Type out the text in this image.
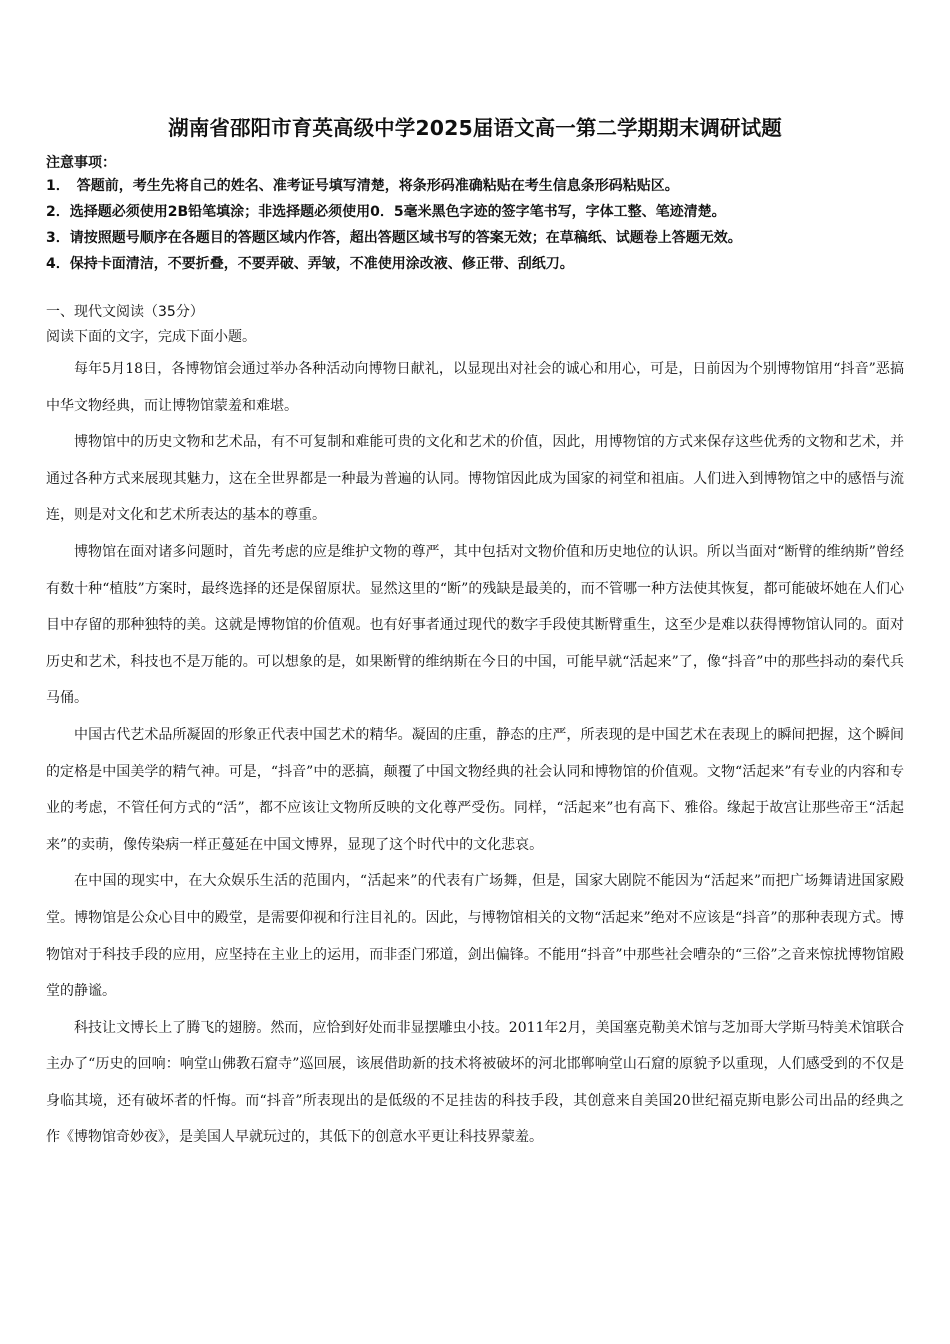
湖南省邵阳市育英高级中学2025届语文高一第二学期期末调研试题

注意事项：

1．　答题前，考生先将自己的姓名、准考证号填写清楚，将条形码准确粘贴在考生信息条形码粘贴区。
2．选择题必须使用2B铅笔填涂；非选择题必须使用0．5毫米黑色字迹的签字笔书写，字体工整、笔迹清楚。
3．请按照题号顺序在各题目的答题区域内作答，超出答题区域书写的答案无效；在草稿纸、试题卷上答题无效。
4．保持卡面清洁，不要折叠，不要弄破、弄皱，不准使用涂改液、修正带、刮纸刀。

一、现代文阅读（35分）

阅读下面的文字，完成下面小题。

每年5月18日，各博物馆会通过举办各种活动向博物日献礼，以显现出对社会的诚心和用心，可是，日前因为个别博物馆用“抖音”恶搞中华文物经典，而让博物馆蒙羞和难堪。

博物馆中的历史文物和艺术品，有不可复制和难能可贵的文化和艺术的价值，因此，用博物馆的方式来保存这些优秀的文物和艺术，并通过各种方式来展现其魅力，这在全世界都是一种最为普遍的认同。博物馆因此成为国家的祠堂和祖庙。人们进入到博物馆之中的感悟与流连，则是对文化和艺术所表达的基本的尊重。

博物馆在面对诸多问题时，首先考虑的应是维护文物的尊严，其中包括对文物价值和历史地位的认识。所以当面对“断臂的维纳斯”曾经有数十种“植肢”方案时，最终选择的还是保留原状。显然这里的“断”的残缺是最美的，而不管哪一种方法使其恢复，都可能破坏她在人们心目中存留的那种独特的美。这就是博物馆的价值观。也有好事者通过现代的数字手段使其断臂重生，这至少是难以获得博物馆认同的。面对历史和艺术，科技也不是万能的。可以想象的是，如果断臂的维纳斯在今日的中国，可能早就“活起来”了，像“抖音”中的那些抖动的秦代兵马俑。

中国古代艺术品所凝固的形象正代表中国艺术的精华。凝固的庄重，静态的庄严，所表现的是中国艺术在表现上的瞬间把握，这个瞬间的定格是中国美学的精气神。可是，“抖音”中的恶搞，颠覆了中国文物经典的社会认同和博物馆的价值观。文物“活起来”有专业的内容和专业的考虑，不管任何方式的“活”，都不应该让文物所反映的文化尊严受伤。同样，“活起来”也有高下、雅俗。缘起于故宫让那些帝王“活起来”的卖萌，像传染病一样正蔓延在中国文博界，显现了这个时代中的文化悲哀。

在中国的现实中，在大众娱乐生活的范围内，“活起来”的代表有广场舞，但是，国家大剧院不能因为“活起来”而把广场舞请进国家殿堂。博物馆是公众心目中的殿堂，是需要仰视和行注目礼的。因此，与博物馆相关的文物“活起来”绝对不应该是“抖音”的那种表现方式。博物馆对于科技手段的应用，应坚持在主业上的运用，而非歪门邪道，剑出偏锋。不能用“抖音”中那些社会嘈杂的“三俗”之音来惊扰博物馆殿堂的静谧。

科技让文博长上了腾飞的翅膀。然而，应恰到好处而非显摆雕虫小技。2011年2月，美国塞克勒美术馆与芝加哥大学斯马特美术馆联合主办了“历史的回响：响堂山佛教石窟寺”巡回展，该展借助新的技术将被破坏的河北邯郸响堂山石窟的原貌予以重现，人们感受到的不仅是身临其境，还有破坏者的忏悔。而“抖音”所表现出的是低级的不足挂齿的科技手段，其创意来自美国20世纪福克斯电影公司出品的经典之作《博物馆奇妙夜》，是美国人早就玩过的，其低下的创意水平更让科技界蒙羞。
